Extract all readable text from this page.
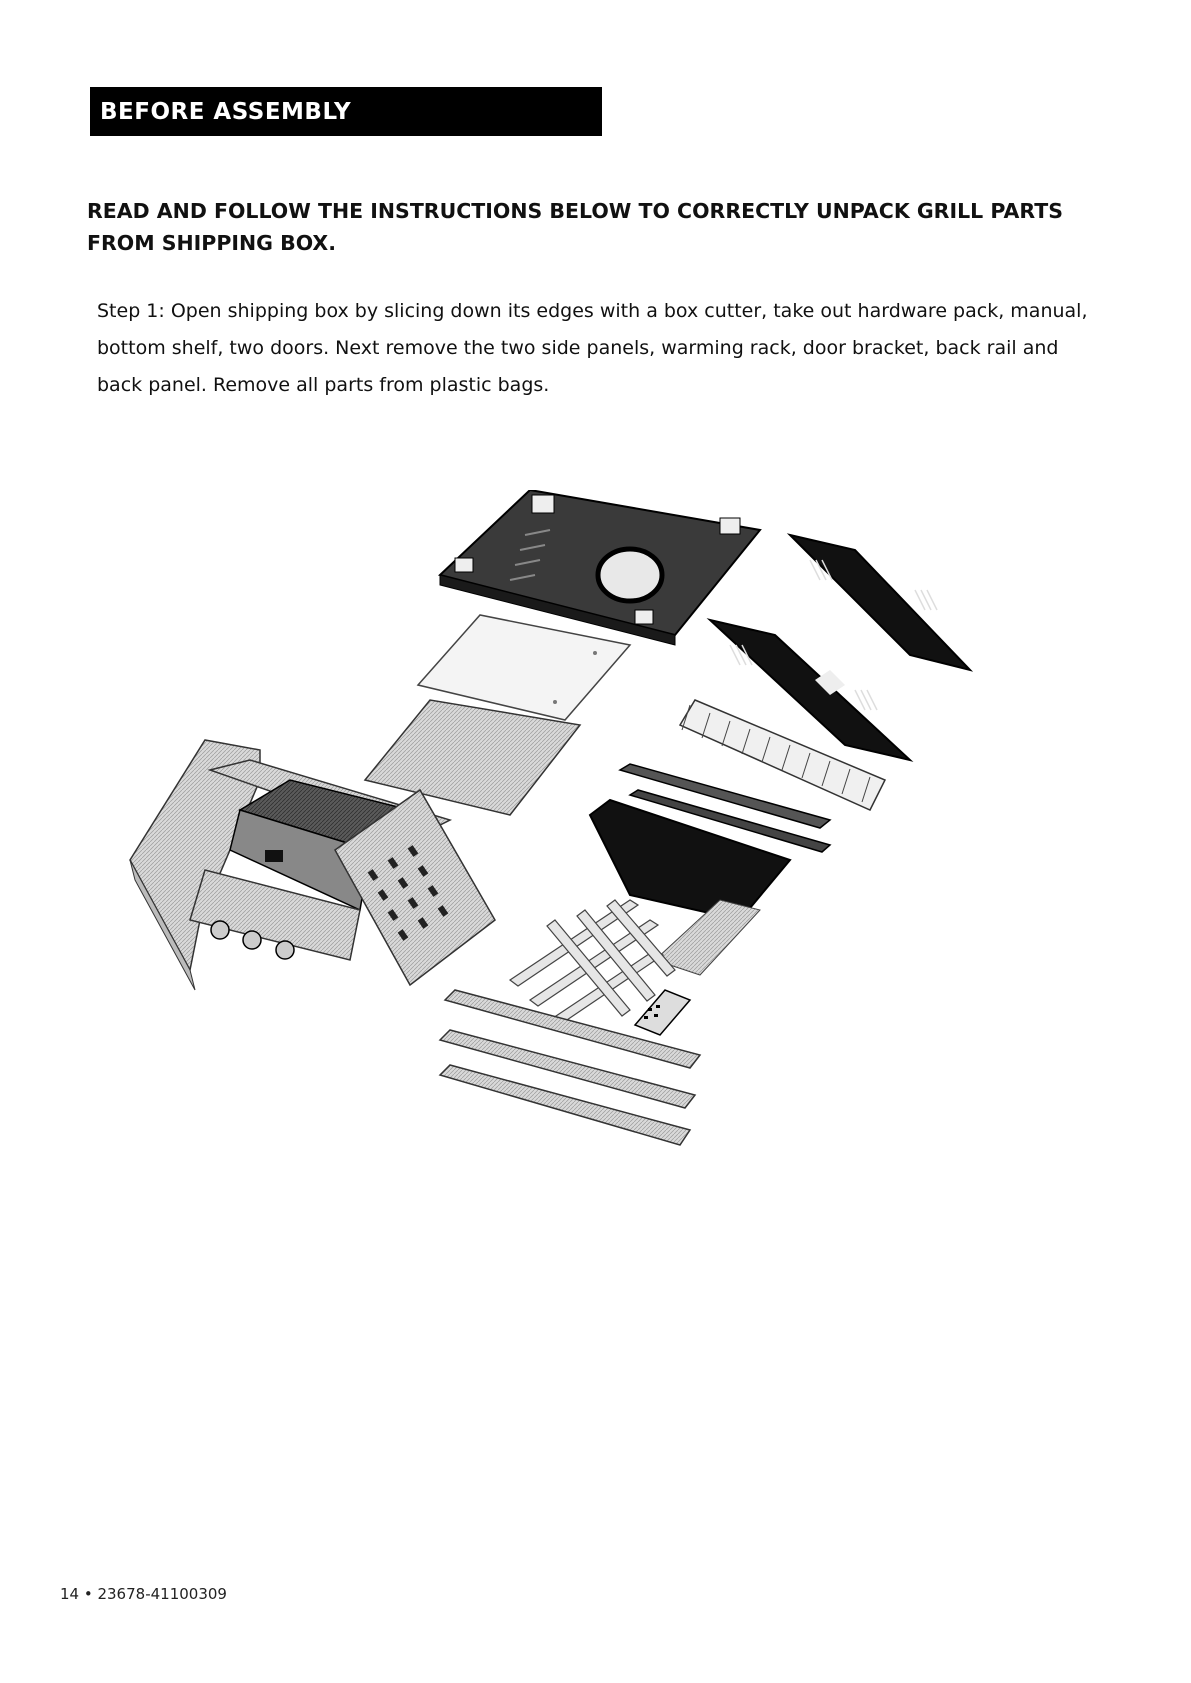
BEFORE ASSEMBLY
READ AND FOLLOW THE INSTRUCTIONS BELOW TO CORRECTLY UNPACK GRILL PARTS FROM SHIPPING BOX.
Step 1: Open shipping box by slicing down its edges with a box cutter, take out hardware pack, manual, bottom shelf, two doors. Next remove the two side panels, warming rack, door bracket, back rail and back panel. Remove all parts from plastic bags.
14 • 23678-41100309
